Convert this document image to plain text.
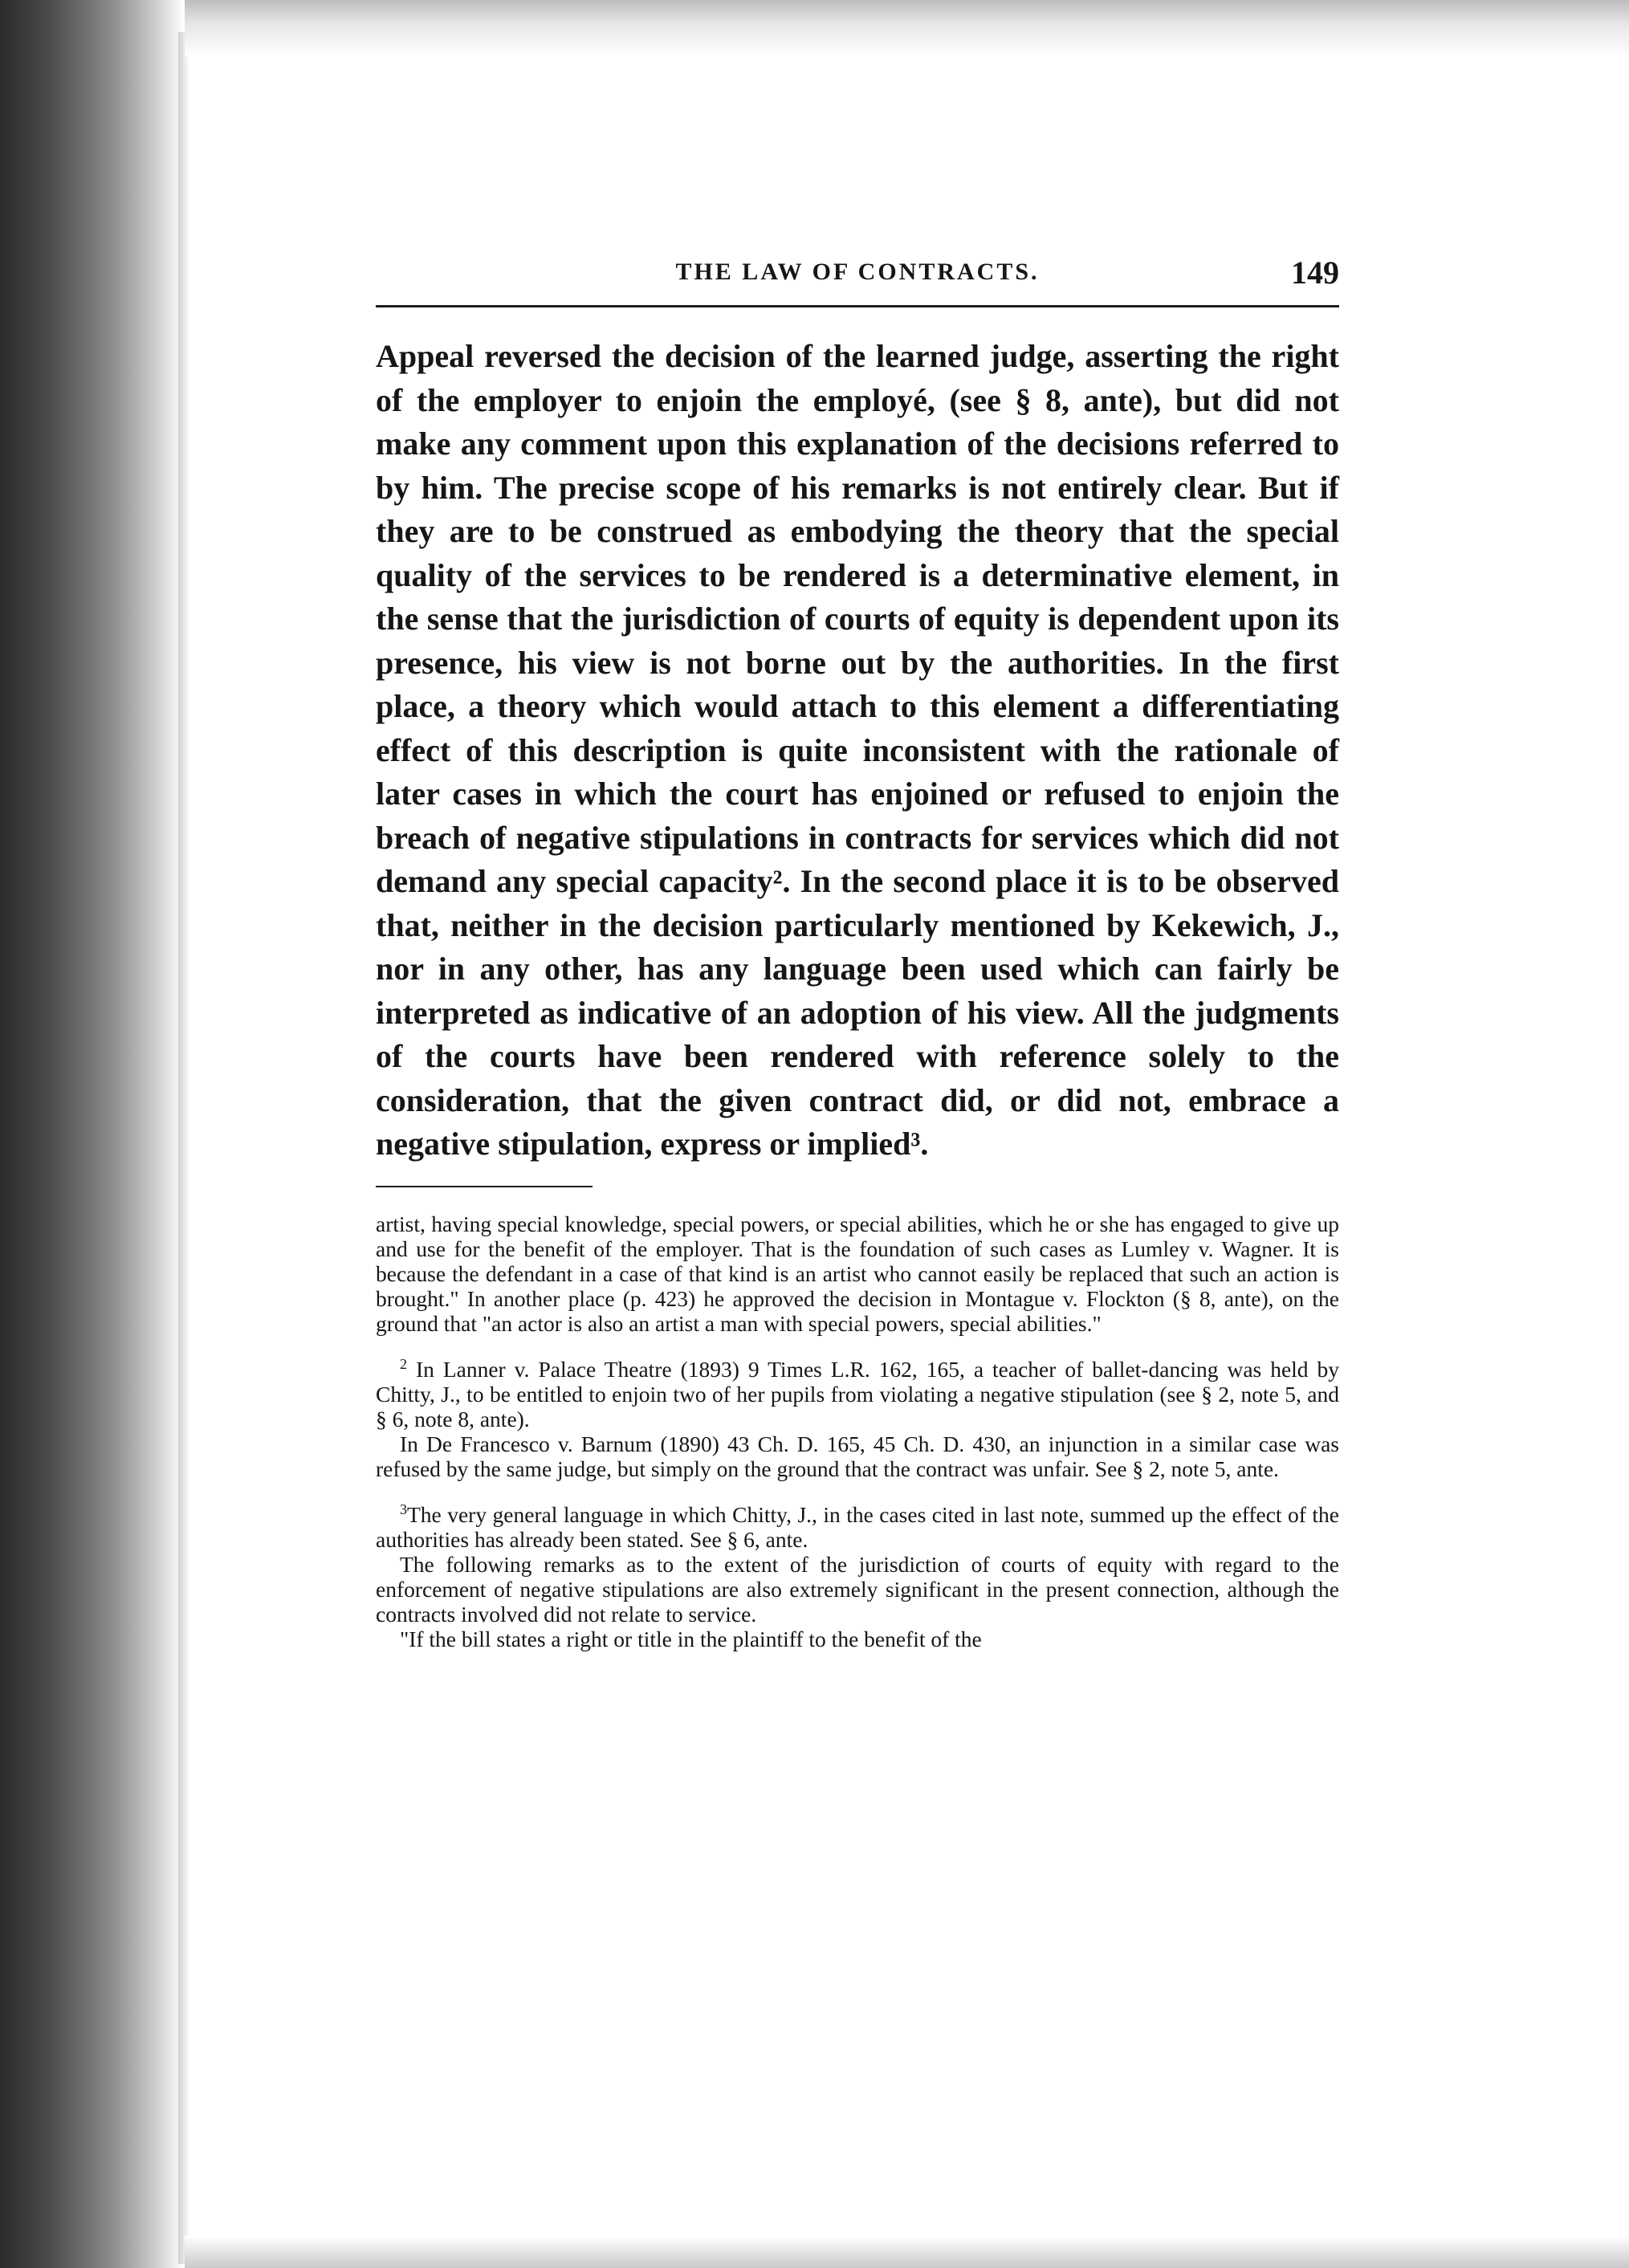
THE LAW OF CONTRACTS.	149
Appeal reversed the decision of the learned judge, asserting the right of the employer to enjoin the employé, (see § 8, ante), but did not make any comment upon this explanation of the decisions referred to by him. The precise scope of his remarks is not entirely clear. But if they are to be construed as embodying the theory that the special quality of the services to be rendered is a determinative element, in the sense that the jurisdiction of courts of equity is dependent upon its presence, his view is not borne out by the authorities. In the first place, a theory which would attach to this element a differentiating effect of this description is quite inconsistent with the rationale of later cases in which the court has enjoined or refused to enjoin the breach of negative stipulations in contracts for services which did not demand any special capacity². In the second place it is to be observed that, neither in the decision particularly mentioned by Kekewich, J., nor in any other, has any language been used which can fairly be interpreted as indicative of an adoption of his view. All the judgments of the courts have been rendered with reference solely to the consideration, that the given contract did, or did not, embrace a negative stipulation, express or implied³.

artist, having special knowledge, special powers, or special abilities, which he or she has engaged to give up and use for the benefit of the employer. That is the foundation of such cases as Lumley v. Wagner. It is because the defendant in a case of that kind is an artist who cannot easily be replaced that such an action is brought." In another place (p. 423) he approved the decision in Montague v. Flockton (§ 8, ante), on the ground that "an actor is also an artist a man with special powers, special abilities."

$^2$ In Lanner v. Palace Theatre (1893) 9 Times L.R. 162, 165, a teacher of ballet-dancing was held by Chitty, J., to be entitled to enjoin two of her pupils from violating a negative stipulation (see § 2, note 5, and § 6, note 8, ante).

In De Francesco v. Barnum (1890) 43 Ch. D. 165, 45 Ch. D. 430, an injunction in a similar case was refused by the same judge, but simply on the ground that the contract was unfair. See § 2, note 5, ante.

$^3$The very general language in which Chitty, J., in the cases cited in last note, summed up the effect of the authorities has already been stated. See § 6, ante.

The following remarks as to the extent of the jurisdiction of courts of equity with regard to the enforcement of negative stipulations are also extremely significant in the present connection, although the contracts involved did not relate to service.

"If the bill states a right or title in the plaintiff to the benefit of the
